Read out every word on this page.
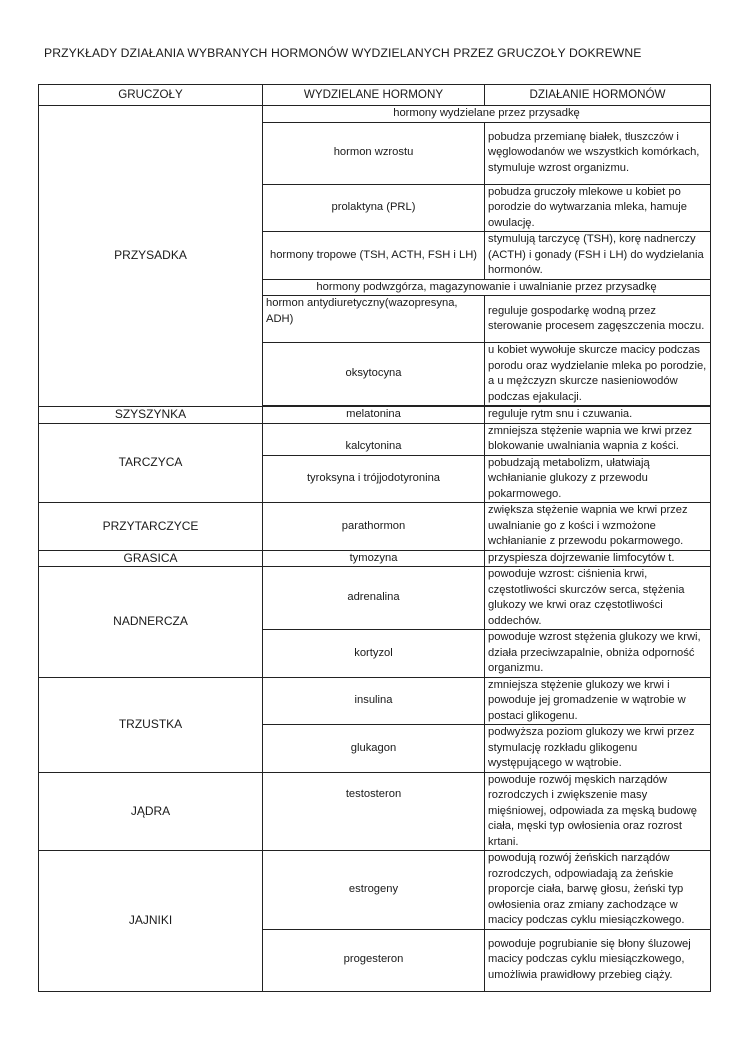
PRZYKŁADY DZIAŁANIA WYBRANYCH HORMONÓW WYDZIELANYCH PRZEZ GRUCZOŁY DOKREWNE
GRUCZOŁY	WYDZIELANE HORMONY	DZIAŁANIE HORMONÓW
PRZYSADKA	hormony wydzielane przez przysadkę	
	hormon wzrostu	pobudza przemianę białek, tłuszczów i węglowodanów we wszystkich komórkach, stymuluje wzrost organizmu.
	prolaktyna (PRL)	pobudza gruczoły mlekowe u kobiet po porodzie do wytwarzania mleka, hamuje owulację.
	hormony tropowe (TSH, ACTH, FSH i LH)	stymulują tarczycę (TSH), korę nadnerczy (ACTH) i gonady (FSH i LH) do wydzielania hormonów.
	hormony podwzgórza, magazynowanie i uwalnianie przez przysadkę	
	hormon antydiuretyczny(wazopresyna, ADH)	reguluje gospodarkę wodną przez sterowanie procesem zagęszczenia moczu.
	oksytocyna	u kobiet wywołuje skurcze macicy podczas porodu oraz wydzielanie mleka po porodzie, a u mężczyzn skurcze nasieniowodów podczas ejakulacji.

SZYSZYNKA	melatonina	reguluje rytm snu i czuwania.
TARCZYCA	kalcytonina	zmniejsza stężenie wapnia we krwi przez blokowanie uwalniania wapnia z kości.
	tyroksyna i trójjodotyronina	pobudzają metabolizm, ułatwiają wchłanianie glukozy z przewodu pokarmowego.
PRZYTARCZYCE	parathormon	zwiększa stężenie wapnia we krwi przez uwalnianie go z kości i wzmożone wchłanianie z przewodu pokarmowego.
GRASICA	tymozyna	przyspiesza dojrzewanie limfocytów t.
NADNERCZA	adrenalina	powoduje wzrost: ciśnienia krwi, częstotliwości skurczów serca, stężenia glukozy we krwi oraz częstotliwości oddechów.
	kortyzol	powoduje wzrost stężenia glukozy we krwi, działa przeciwzapalnie, obniża odporność organizmu.
TRZUSTKA	insulina	zmniejsza stężenie glukozy we krwi i powoduje jej gromadzenie w wątrobie w postaci glikogenu.
	glukagon	podwyższa poziom glukozy we krwi przez stymulację rozkładu glikogenu występującego w wątrobie.
JĄDRA	testosteron	powoduje rozwój męskich narządów rozrodczych i zwiększenie masy mięśniowej, odpowiada za męską budowę ciała, męski typ owłosienia oraz rozrost krtani.
JAJNIKI	estrogeny	powodują rozwój żeńskich narządów rozrodczych, odpowiadają za żeńskie proporcje ciała, barwę głosu, żeński typ owłosienia oraz zmiany zachodzące w macicy podczas cyklu miesiączkowego.
	progesteron	powoduje pogrubianie się błony śluzowej macicy podczas cyklu miesiączkowego, umożliwia prawidłowy przebieg ciąży.
